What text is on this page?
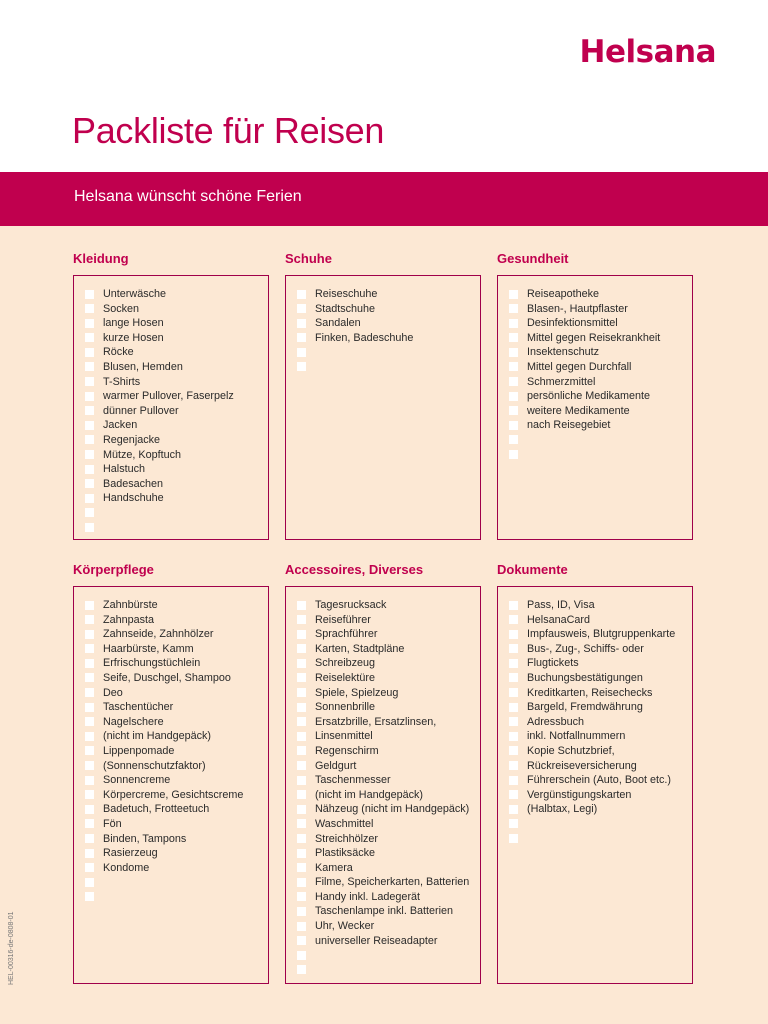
Helsana
Packliste für Reisen
Helsana wünscht schöne Ferien
Kleidung
Unterwäsche
Socken
lange Hosen
kurze Hosen
Röcke
Blusen, Hemden
T-Shirts
warmer Pullover, Faserpelz
dünner Pullover
Jacken
Regenjacke
Mütze, Kopftuch
Halstuch
Badesachen
Handschuhe
Schuhe
Reiseschuhe
Stadtschuhe
Sandalen
Finken, Badeschuhe
Gesundheit
Reiseapotheke
Blasen-, Hautpflaster
Desinfektionsmittel
Mittel gegen Reisekrankheit
Insektenschutz
Mittel gegen Durchfall
Schmerzmittel
persönliche Medikamente
weitere Medikamente
nach Reisegebiet
Körperpflege
Zahnbürste
Zahnpasta
Zahnseide, Zahnhölzer
Haarbürste, Kamm
Erfrischungstüchlein
Seife, Duschgel, Shampoo
Deo
Taschentücher
Nagelschere
(nicht im Handgepäck)
Lippenpomade
(Sonnenschutzfaktor)
Sonnencreme
Körpercreme, Gesichtscreme
Badetuch, Frotteetuch
Fön
Binden, Tampons
Rasierzeug
Kondome
Accessoires, Diverses
Tagesrucksack
Reiseführer
Sprachführer
Karten, Stadtpläne
Schreibzeug
Reiselektüre
Spiele, Spielzeug
Sonnenbrille
Ersatzbrille, Ersatzlinsen,
Linsenmittel
Regenschirm
Geldgurt
Taschenmesser
(nicht im Handgepäck)
Nähzeug (nicht im Handgepäck)
Waschmittel
Streichhölzer
Plastiksäcke
Kamera
Filme, Speicherkarten, Batterien
Handy inkl. Ladegerät
Taschenlampe inkl. Batterien
Uhr, Wecker
universeller Reiseadapter
Dokumente
Pass, ID, Visa
HelsanaCard
Impfausweis, Blutgruppenkarte
Bus-, Zug-, Schiffs- oder
Flugtickets
Buchungsbestätigungen
Kreditkarten, Reisechecks
Bargeld, Fremdwährung
Adressbuch
inkl. Notfallnummern
Kopie Schutzbrief,
Rückreiseversicherung
Führerschein (Auto, Boot etc.)
Vergünstigungskarten
(Halbtax, Legi)
HEL-00316-de-0808-01
